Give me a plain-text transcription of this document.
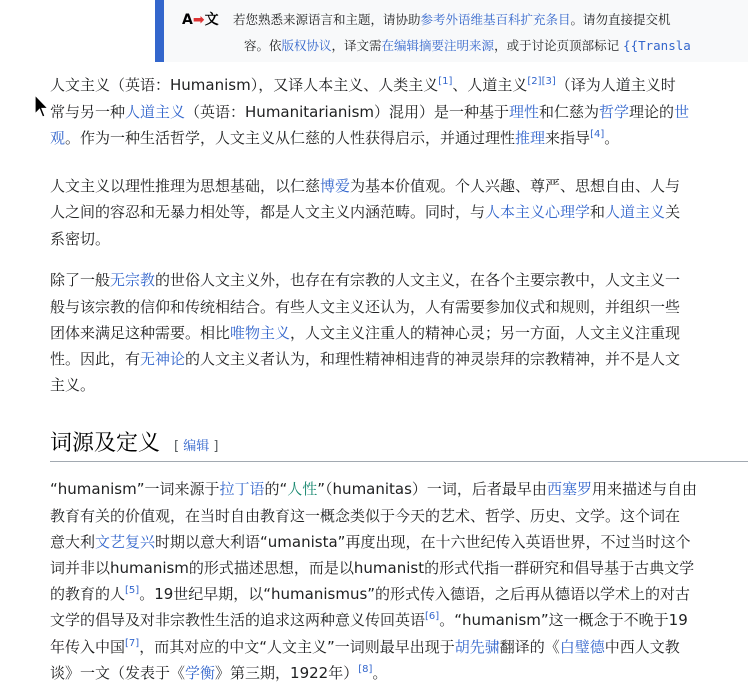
A➡文 若您熟悉来源语言和主题，请协助参考外语维基百科扩充条目。请勿直接提交机
容。依版权协议，译文需在编辑摘要注明来源，或于讨论页顶部标记 {{Transla
人文主义（英语：Humanism），又译人本主义、人类主义[1]、人道主义[2][3]（译为人道主义时
常与另一种人道主义（英语：Humanitarianism）混用）是一种基于理性和仁慈为哲学理论的世
观。作为一种生活哲学，人文主义从仁慈的人性获得启示，并通过理性推理来指导[4]。
人文主义以理性推理为思想基础，以仁慈博爱为基本价值观。个人兴趣、尊严、思想自由、人与
人之间的容忍和无暴力相处等，都是人文主义内涵范畴。同时，与人本主义心理学和人道主义关
系密切。
除了一般无宗教的世俗人文主义外，也存在有宗教的人文主义，在各个主要宗教中，人文主义一
般与该宗教的信仰和传统相结合。有些人文主义还认为，人有需要参加仪式和规则，并组织一些
团体来满足这种需要。相比唯物主义，人文主义注重人的精神心灵；另一方面，人文主义注重现
性。因此，有无神论的人文主义者认为，和理性精神相违背的神灵崇拜的宗教精神，并不是人文
主义。
词源及定义 [ 编辑 ]
“humanism”一词来源于拉丁语的“人性”（humanitas）一词，后者最早由西塞罗用来描述与自由
教育有关的价值观，在当时自由教育这一概念类似于今天的艺术、哲学、历史、文学。这个词在
意大利文艺复兴时期以意大利语“umanista”再度出现，在十六世纪传入英语世界，不过当时这个
词并非以humanism的形式描述思想，而是以humanist的形式代指一群研究和倡导基于古典文学
的教育的人[5]。19世纪早期，以“humanismus”的形式传入德语，之后再从德语以学术上的对古
文学的倡导及对非宗教性生活的追求这两种意义传回英语[6]。“humanism”这一概念于不晚于19
年传入中国[7]，而其对应的中文“人文主义”一词则最早出现于胡先骕翻译的《白璧德中西人文教
谈》一文（发表于《学衡》第三期，1922年）[8]。
